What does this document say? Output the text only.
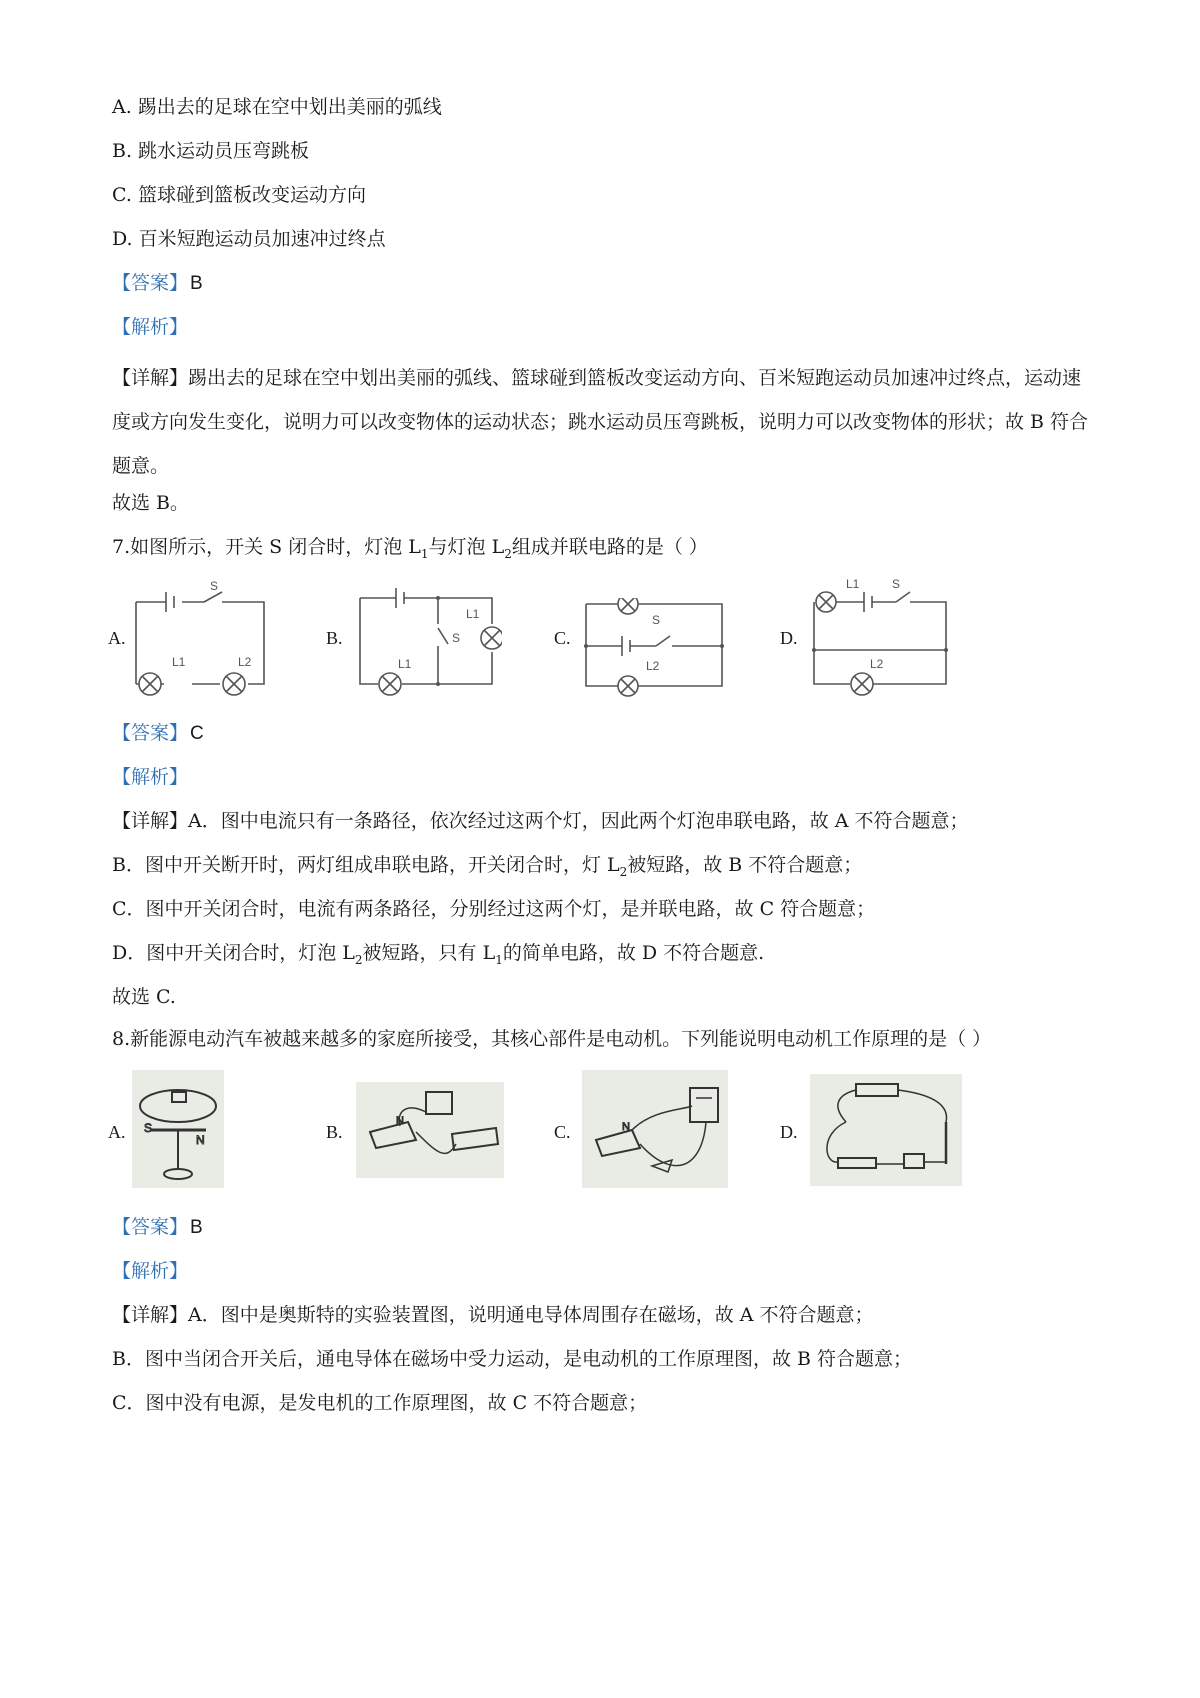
A. 踢出去的足球在空中划出美丽的弧线
B. 跳水运动员压弯跳板
C. 篮球碰到篮板改变运动方向
D. 百米短跑运动员加速冲过终点
【答案】 B
【解析】
【详解】踢出去的足球在空中划出美丽的弧线、篮球碰到篮板改变运动方向、百米短跑运动员加速冲过终点，运动速度或方向发生变化，说明力可以改变物体的运动状态；跳水运动员压弯跳板，说明力可以改变物体的形状；故 B 符合题意。
故选 B。
7.如图所示，开关 S 闭合时，灯泡 $L_1$与灯泡 $L_2$组成并联电路的是（ ）
A.	B.	C.	D.
S
L1	L2
S
L1
L1	S
L2
L1	S
L2
【答案】 C
【解析】
【详解】A．图中电流只有一条路径，依次经过这两个灯，因此两个灯泡串联电路，故 A 不符合题意；
B．图中开关断开时，两灯组成串联电路，开关闭合时，灯 $L_2$被短路，故 B 不符合题意；
C．图中开关闭合时，电流有两条路径，分别经过这两个灯，是并联电路，故 C 符合题意；
D．图中开关闭合时，灯泡 $L_2$被短路，只有 $L_1$的简单电路，故 D 不符合题意.
故选 C.
8.新能源电动汽车被越来越多的家庭所接受，其核心部件是电动机。下列能说明电动机工作原理的是（ ）
A.	B.	C.	D.
S
N
N	N
【答案】 B
【解析】
【详解】A．图中是奥斯特的实验装置图，说明通电导体周围存在磁场，故 A 不符合题意；
B．图中当闭合开关后，通电导体在磁场中受力运动，是电动机的工作原理图，故 B 符合题意；
C．图中没有电源，是发电机的工作原理图，故 C 不符合题意；
